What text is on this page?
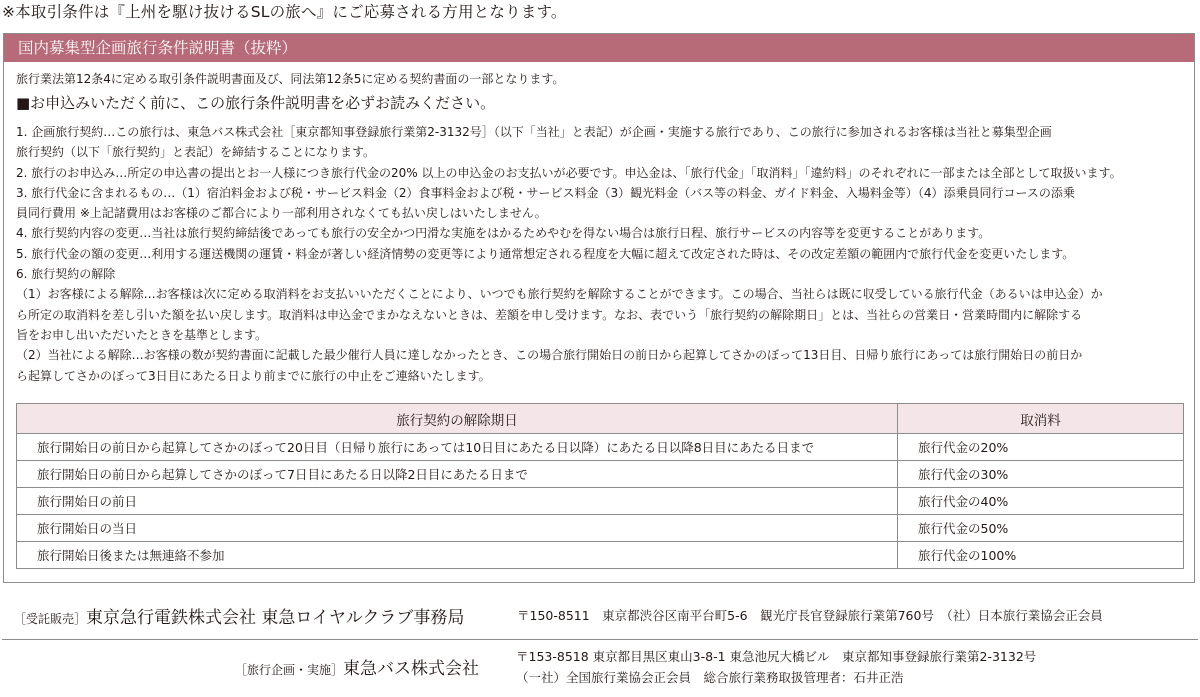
※本取引条件は『上州を駆け抜けるSLの旅へ』にご応募される方用となります。
国内募集型企画旅行条件説明書（抜粋）
旅行業法第12条4に定める取引条件説明書面及び、同法第12条5に定める契約書面の一部となります。
■お申込みいただく前に、この旅行条件説明書を必ずお読みください。

1. 企画旅行契約…この旅行は、東急バス株式会社［東京都知事登録旅行業第2-3132号］（以下「当社」と表記）が企画・実施する旅行であり、この旅行に参加されるお客様は当社と募集型企画

旅行契約（以下「旅行契約」と表記）を締結することになります。

2. 旅行のお申込み…所定の申込書の提出とお一人様につき旅行代金の20% 以上の申込金のお支払いが必要です。申込金は、「旅行代金」「取消料」「違約料」のそれぞれに一部または全部として取扱います。

3. 旅行代金に含まれるもの…（1）宿泊料金および税・サービス料金（2）食事料金および税・サービス料金（3）観光料金（バス等の料金、ガイド料金、入場料金等）（4）添乗員同行コースの添乗

員同行費用 ※上記諸費用はお客様のご都合により一部利用されなくても払い戻しはいたしません。

4. 旅行契約内容の変更…当社は旅行契約締結後であっても旅行の安全かつ円滑な実施をはかるためやむを得ない場合は旅行日程、旅行サービスの内容等を変更することがあります。

5. 旅行代金の額の変更…利用する運送機関の運賃・料金が著しい経済情勢の変更等により通常想定される程度を大幅に超えて改定された時は、その改定差額の範囲内で旅行代金を変更いたします。

6. 旅行契約の解除

（1）お客様による解除…お客様は次に定める取消料をお支払いいただくことにより、いつでも旅行契約を解除することができます。この場合、当社らは既に収受している旅行代金（あるいは申込金）か

ら所定の取消料を差し引いた額を払い戻します。取消料は申込金でまかなえないときは、差額を申し受けます。なお、表でいう「旅行契約の解除期日」とは、当社らの営業日・営業時間内に解除する

旨をお申し出いただいたときを基準とします。

（2）当社による解除…お客様の数が契約書面に記載した最少催行人員に達しなかったとき、この場合旅行開始日の前日から起算してさかのぼって13日目、日帰り旅行にあっては旅行開始日の前日か

ら起算してさかのぼって3日目にあたる日より前までに旅行の中止をご連絡いたします。

旅行契約の解除期日	取消料
旅行開始日の前日から起算してさかのぼって20日目（日帰り旅行にあっては10日目にあたる日以降）にあたる日以降8日目にあたる日まで	旅行代金の20%
旅行開始日の前日から起算してさかのぼって7日目にあたる日以降2日目にあたる日まで	旅行代金の30%
旅行開始日の前日	旅行代金の40%
旅行開始日の当日	旅行代金の50%
旅行開始日後または無連絡不参加	旅行代金の100%
［受託販売］東京急行電鉄株式会社 東急ロイヤルクラブ事務局	〒150-8511　東京都渋谷区南平台町5-6　観光庁長官登録旅行業第760号　（社）日本旅行業協会正会員
［旅行企画・実施］東急バス株式会社
〒153-8518 東京都目黒区東山3-8-1 東急池尻大橋ビル　東京都知事登録旅行業第2-3132号
（一社）全国旅行業協会正会員　総合旅行業務取扱管理者：石井正浩
